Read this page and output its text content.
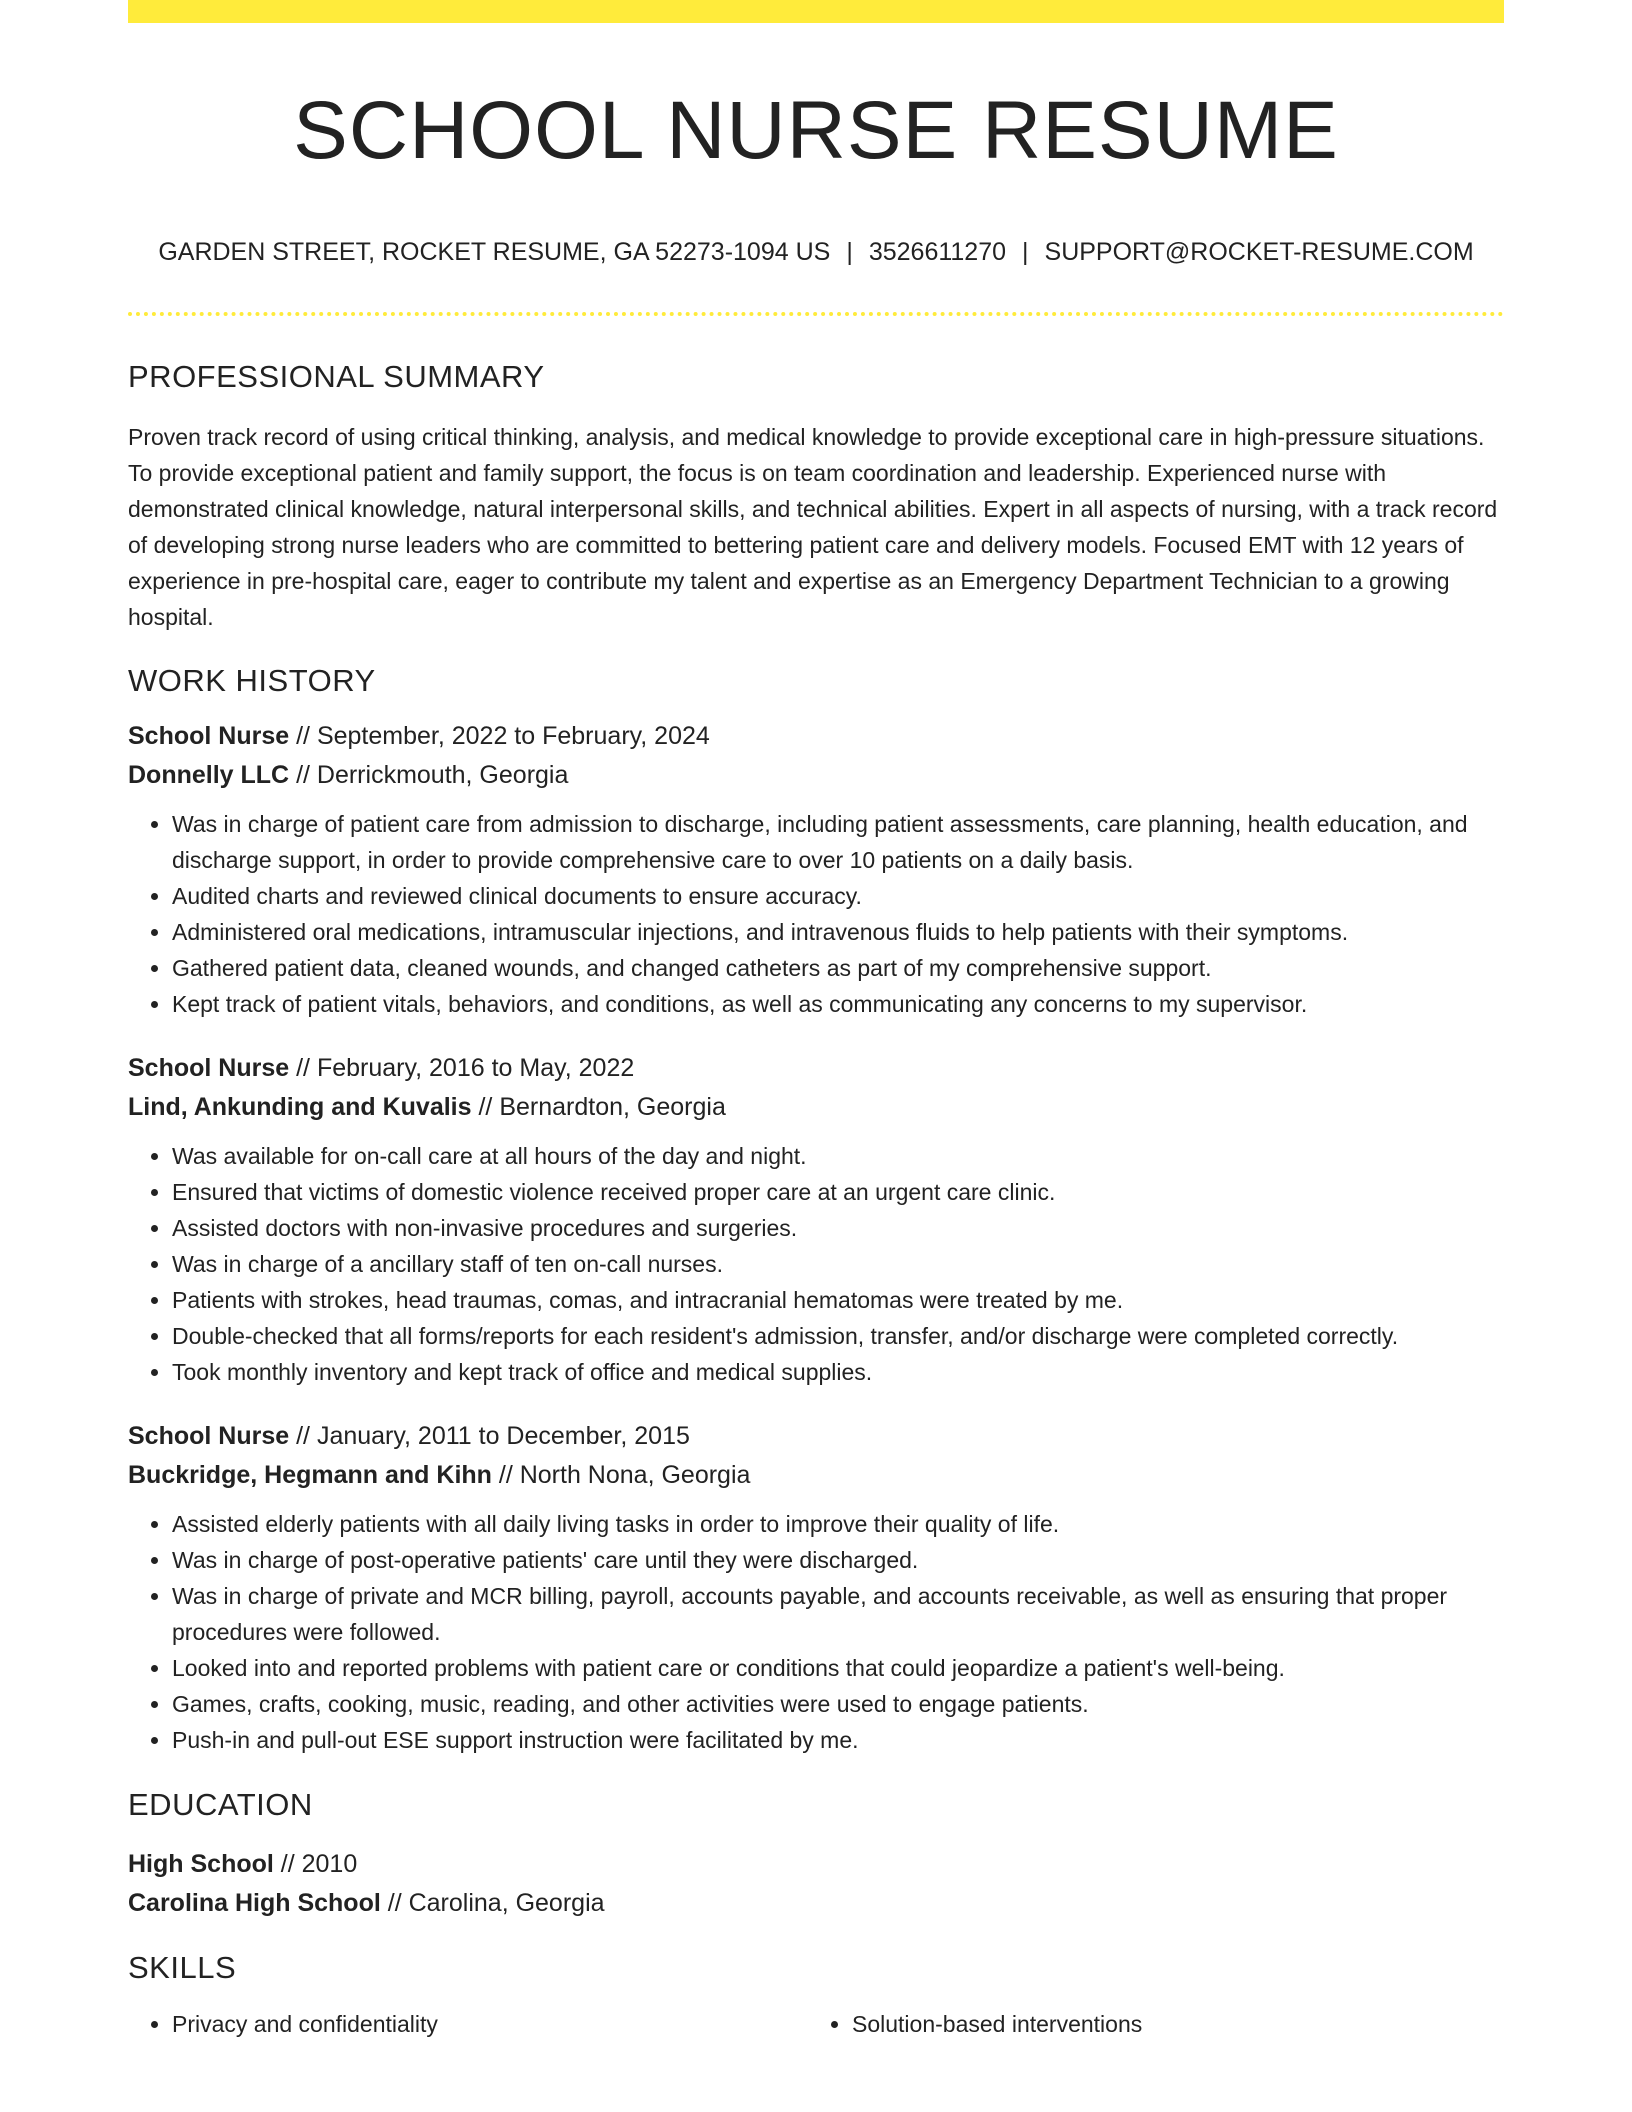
SCHOOL NURSE RESUME
GARDEN STREET, ROCKET RESUME, GA 52273-1094 US | 3526611270 | SUPPORT@ROCKET-RESUME.COM
PROFESSIONAL SUMMARY

Proven track record of using critical thinking, analysis, and medical knowledge to provide exceptional care in high-pressure situations. To provide exceptional patient and family support, the focus is on team coordination and leadership. Experienced nurse with demonstrated clinical knowledge, natural interpersonal skills, and technical abilities. Expert in all aspects of nursing, with a track record of developing strong nurse leaders who are committed to bettering patient care and delivery models. Focused EMT with 12 years of experience in pre-hospital care, eager to contribute my talent and expertise as an Emergency Department Technician to a growing hospital.

WORK HISTORY
School Nurse // September, 2022 to February, 2024
Donnelly LLC // Derrickmouth, Georgia
• Was in charge of patient care from admission to discharge, including patient assessments, care planning, health education, and discharge support, in order to provide comprehensive care to over 10 patients on a daily basis.
• Audited charts and reviewed clinical documents to ensure accuracy.
• Administered oral medications, intramuscular injections, and intravenous fluids to help patients with their symptoms.
• Gathered patient data, cleaned wounds, and changed catheters as part of my comprehensive support.
• Kept track of patient vitals, behaviors, and conditions, as well as communicating any concerns to my supervisor.
School Nurse // February, 2016 to May, 2022
Lind, Ankunding and Kuvalis // Bernardton, Georgia
• Was available for on-call care at all hours of the day and night.
• Ensured that victims of domestic violence received proper care at an urgent care clinic.
• Assisted doctors with non-invasive procedures and surgeries.
• Was in charge of a ancillary staff of ten on-call nurses.
• Patients with strokes, head traumas, comas, and intracranial hematomas were treated by me.
• Double-checked that all forms/reports for each resident's admission, transfer, and/or discharge were completed correctly.
• Took monthly inventory and kept track of office and medical supplies.
School Nurse // January, 2011 to December, 2015
Buckridge, Hegmann and Kihn // North Nona, Georgia
• Assisted elderly patients with all daily living tasks in order to improve their quality of life.
• Was in charge of post-operative patients' care until they were discharged.
• Was in charge of private and MCR billing, payroll, accounts payable, and accounts receivable, as well as ensuring that proper procedures were followed.
• Looked into and reported problems with patient care or conditions that could jeopardize a patient's well-being.
• Games, crafts, cooking, music, reading, and other activities were used to engage patients.
• Push-in and pull-out ESE support instruction were facilitated by me.
EDUCATION
High School // 2010
Carolina High School // Carolina, Georgia
SKILLS
• Privacy and confidentiality
•	Solution-based interventions
